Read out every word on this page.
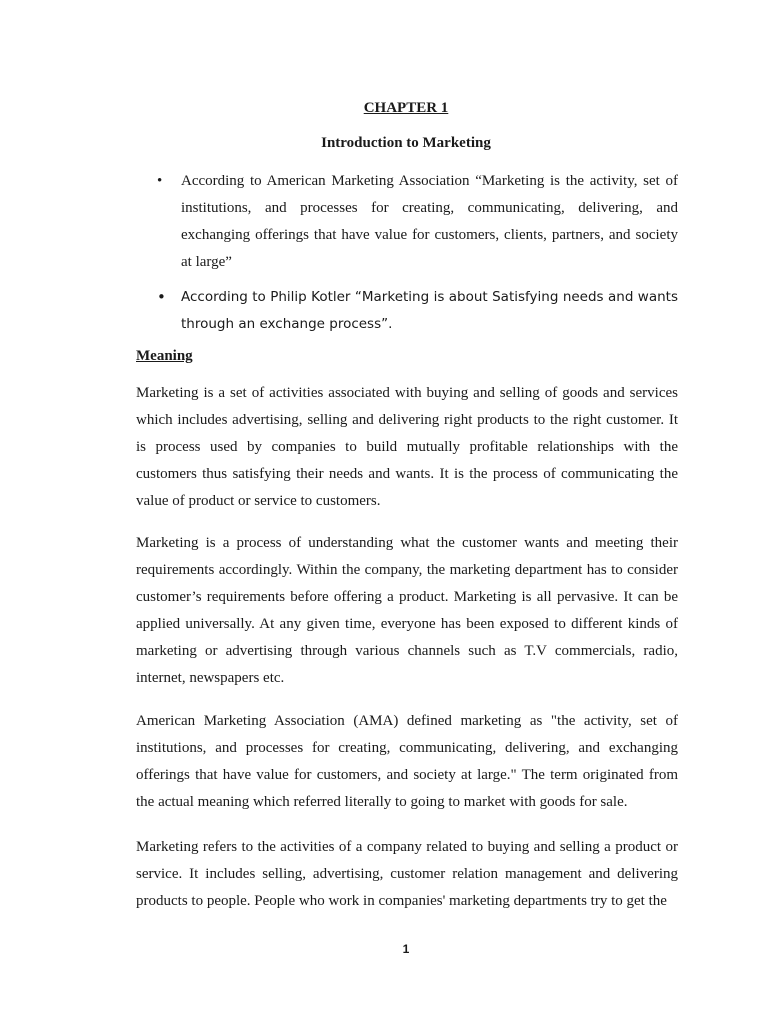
CHAPTER 1
Introduction to Marketing
• According to American Marketing Association “Marketing is the activity, set of institutions, and processes for creating, communicating, delivering, and exchanging offerings that have value for customers, clients, partners, and society at large”
• According to Philip Kotler “Marketing is about Satisfying needs and wants through an exchange process”.
Meaning

Marketing is a set of activities associated with buying and selling of goods and services which includes advertising, selling and delivering right products to the right customer. It is process used by companies to build mutually profitable relationships with the customers thus satisfying their needs and wants. It is the process of communicating the value of product or service to customers.

Marketing is a process of understanding what the customer wants and meeting their requirements accordingly. Within the company, the marketing department has to consider customer’s requirements before offering a product. Marketing is all pervasive. It can be applied universally. At any given time, everyone has been exposed to different kinds of marketing or advertising through various channels such as T.V commercials, radio, internet, newspapers etc.

American Marketing Association (AMA) defined marketing as "the activity, set of institutions, and processes for creating, communicating, delivering, and exchanging offerings that have value for customers, and society at large." The term originated from the actual meaning which referred literally to going to market with goods for sale.

Marketing refers to the activities of a company related to buying and selling a product or service. It includes selling, advertising, customer relation management and delivering products to people. People who work in companies' marketing departments try to get the

1
